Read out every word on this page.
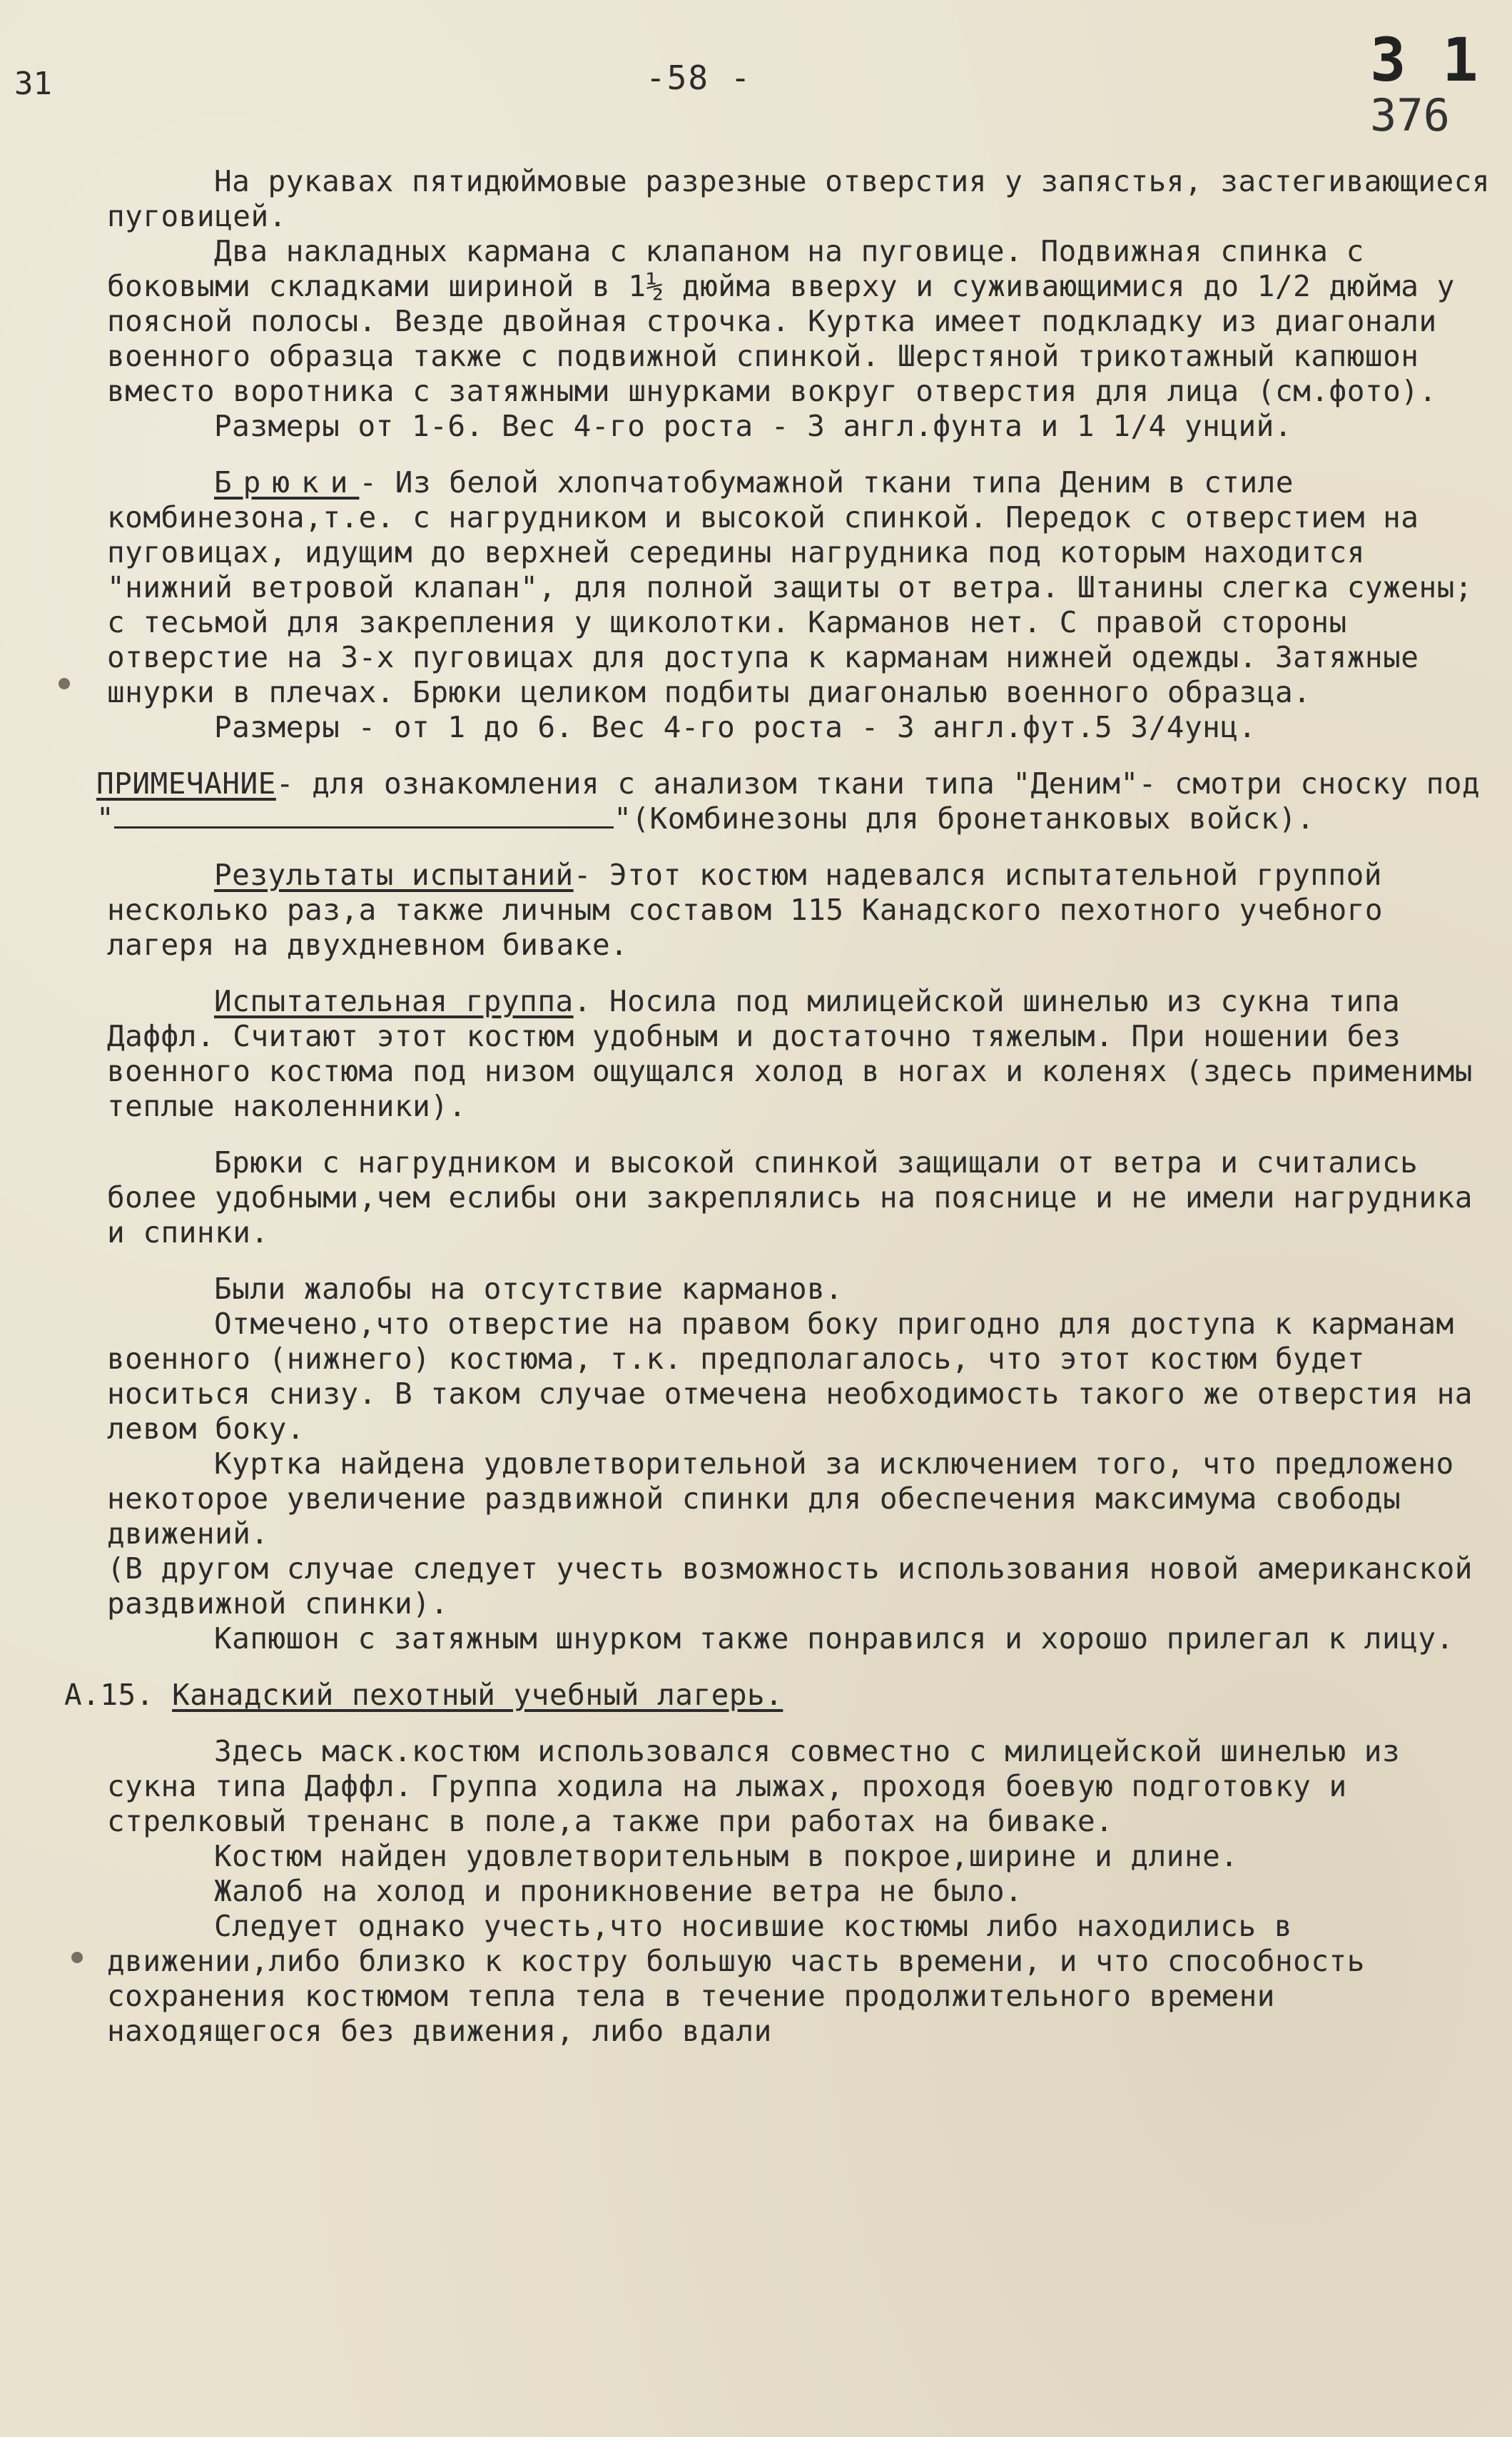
31	-58 -	3 1
376

На рукавах пятидюймовые разрезные отверстия у запястья, застегивающиеся пуговицей.

Два накладных кармана с клапаном на пуговице. Подвижная спинка с боковыми складками шириной в 1½ дюйма вверху и суживающимися до 1/2 дюйма у поясной полосы. Везде двойная строчка. Куртка имеет подкладку из диагонали военного образца также с подвижной спинкой. Шерстяной трикотажный капюшон вместо воротника с затяжными шнурками вокруг отверстия для лица (см.фото).

Размеры от 1-6. Вес 4-го роста - 3 англ.фунта и 1 1/4 унций.

Брюки- Из белой хлопчатобумажной ткани типа Деним в стиле комбинезона,т.е. с нагрудником и высокой спинкой. Передок с отверстием на пуговицах, идущим до верхней середины нагрудника под которым находится "нижний ветровой клапан", для полной защиты от ветра. Штанины слегка сужены; с тесьмой для закрепления у щиколотки. Карманов нет. С правой стороны отверстие на 3-х пуговицах для доступа к карманам нижней одежды. Затяжные шнурки в плечах. Брюки целиком подбиты диагональю военного образца.

Размеры - от 1 до 6. Вес 4-го роста - 3 англ.фут.5 3/4унц.

ПРИМЕЧАНИЕ- для ознакомления с анализом ткани типа "Деним"- смотри сноску под "	"(Комбинезоны для бронетанковых войск).

Результаты испытаний- Этот костюм надевался испытательной группой несколько раз,а также личным составом 115 Канадского пехотного учебного лагеря на двухдневном биваке.

Испытательная группа. Носила под милицейской шинелью из сукна типа Даффл. Считают этот костюм удобным и достаточно тяжелым. При ношении без военного костюма под низом ощущался холод в ногах и коленях (здесь применимы теплые наколенники).

Брюки с нагрудником и высокой спинкой защищали от ветра и считались более удобными,чем еслибы они закреплялись на пояснице и не имели нагрудника и спинки.

Были жалобы на отсутствие карманов.

Отмечено,что отверстие на правом боку пригодно для доступа к карманам военного (нижнего) костюма, т.к. предполагалось, что этот костюм будет носиться снизу. В таком случае отмечена необходимость такого же отверстия на левом боку.

Куртка найдена удовлетворительной за исключением того, что предложено некоторое увеличение раздвижной спинки для обеспечения максимума свободы движений.

(В другом случае следует учесть возможность использования новой американской раздвижной спинки).

Капюшон с затяжным шнурком также понравился и хорошо прилегал к лицу.

А.15. Канадский пехотный учебный лагерь.

Здесь маск.костюм использовался совместно с милицейской шинелью из сукна типа Даффл. Группа ходила на лыжах, проходя боевую подготовку и стрелковый тренанс в поле,а также при работах на биваке.

Костюм найден удовлетворительным в покрое,ширине и длине.

Жалоб на холод и проникновение ветра не было.

Следует однако учесть,что носившие костюмы либо находились в движении,либо близко к костру большую часть времени, и что способность сохранения костюмом тепла тела в течение продолжительного времени находящегося без движения, либо вдали
